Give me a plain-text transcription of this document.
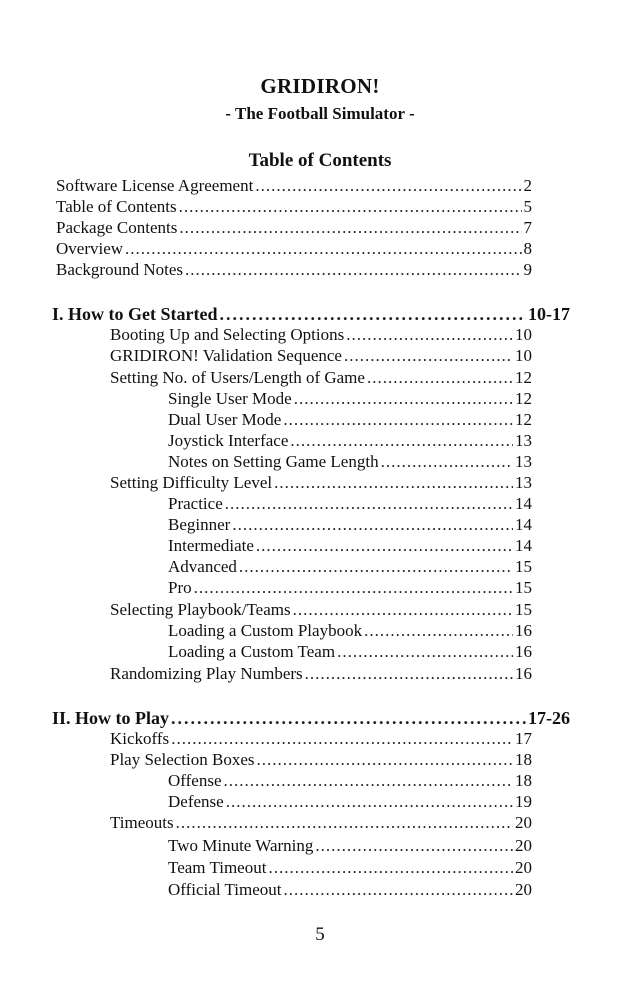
GRIDIRON!
- The Football Simulator -
Table of Contents
Software License Agreement .....	2
Table of Contents .....	5
Package Contents .....	7
Overview .....	8
Background Notes .....	9
I. How to Get Started .....	10-17
Booting Up and Selecting Options .....	10
GRIDIRON! Validation Sequence .....	10
Setting No. of Users/Length of Game .....	12
Single User Mode .....	12
Dual User Mode .....	12
Joystick Interface .....	13
Notes on Setting Game Length .....	13
Setting Difficulty Level .....	13
Practice .....	14
Beginner .....	14
Intermediate .....	14
Advanced .....	15
Pro .....	15
Selecting Playbook/Teams .....	15
Loading a Custom Playbook .....	16
Loading a Custom Team .....	16
Randomizing Play Numbers .....	16
II. How to Play .....	17-26
Kickoffs .....	17
Play Selection Boxes .....	18
Offense .....	18
Defense .....	19
Timeouts .....	20
Two Minute Warning .....	20
Team Timeout .....	20
Official Timeout .....	20
5
